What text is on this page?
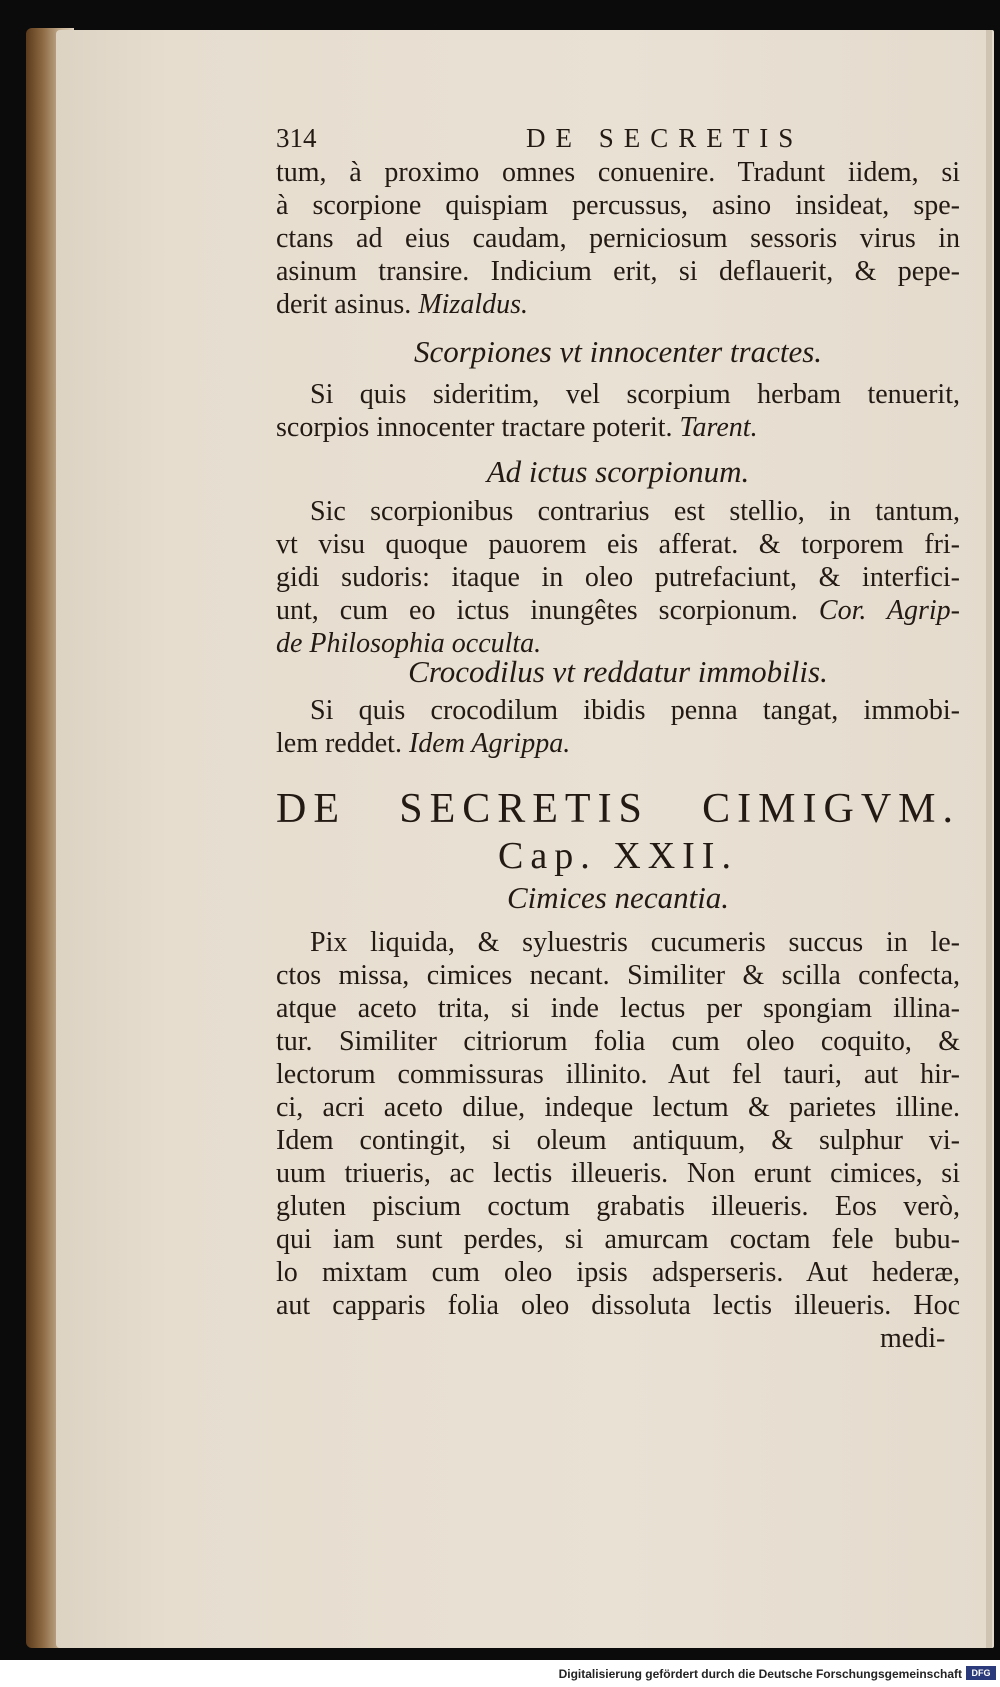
314	DE SECRETIS
tum, à proximo omnes conuenire. Tradunt iidem, si
à scorpione quispiam percussus, asino insideat, spe-
ctans ad eius caudam, perniciosum sessoris virus in
asinum transire. Indicium erit, si deflauerit, & pepe-
derit asinus. Mizaldus.
Scorpiones vt innocenter tractes.
Si quis sideritim, vel scorpium herbam tenuerit,
scorpios innocenter tractare poterit. Tarent.
Ad ictus scorpionum.
Sic scorpionibus contrarius est stellio, in tantum,
vt visu quoque pauorem eis afferat. & torporem fri-
gidi sudoris: itaque in oleo putrefaciunt, & interfici-
unt, cum eo ictus inungêtes scorpionum. Cor. Agrip-
de Philosophia occulta.
Crocodilus vt reddatur immobilis.
Si quis crocodilum ibidis penna tangat, immobi-
lem reddet. Idem Agrippa.
DE SECRETIS CIMIGVM.
Cap. XXII.
Cimices necantia.
Pix liquida, & syluestris cucumeris succus in le-
ctos missa, cimices necant. Similiter & scilla confecta,
atque aceto trita, si inde lectus per spongiam illina-
tur. Similiter citriorum folia cum oleo coquito, &
lectorum commissuras illinito. Aut fel tauri, aut hir-
ci, acri aceto dilue, indeque lectum & parietes illine.
Idem contingit, si oleum antiquum, & sulphur vi-
uum triueris, ac lectis illeueris. Non erunt cimices, si
gluten piscium coctum grabatis illeueris. Eos verò,
qui iam sunt perdes, si amurcam coctam fele bubu-
lo mixtam cum oleo ipsis adsperseris. Aut hederæ,
aut capparis folia oleo dissoluta lectis illeueris. Hoc
medi-
Digitalisierung gefördert durch die Deutsche Forschungsgemeinschaft	DFG
